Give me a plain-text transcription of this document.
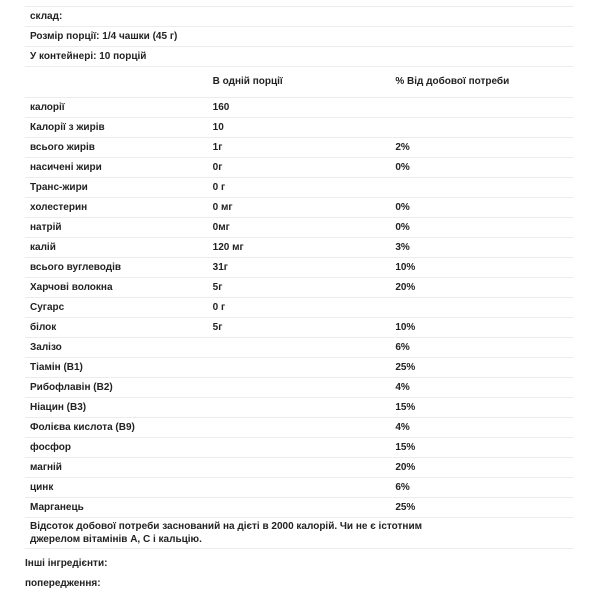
склад:		
Розмір порції: 1/4 чашки (45 г)		
У контейнері: 10 порцій		
	В одній порції	% Від добової потреби
калорії	160	
Калорії з жирів	10	
всього жирів	1г	2%
насичені жири	0г	0%
Транс-жири	0 г	
холестерин	0 мг	0%
натрій	0мг	0%
калій	120 мг	3%
всього вуглеводів	31г	10%
Харчові волокна	5г	20%
Сугарс	0 г	
білок	5г	10%
Залізо		6%
Тіамін (B1)		25%
Рибофлавін (B2)		4%
Ніацин (B3)		15%
Фолієва кислота (B9)		4%
фосфор		15%
магній		20%
цинк		6%
Марганець		25%
Відсоток добової потреби заснований на дієті в 2000 калорій. Чи не є істотним джерелом вітамінів А, С і кальцію.		
Інші інгредієнти:
попередження:
